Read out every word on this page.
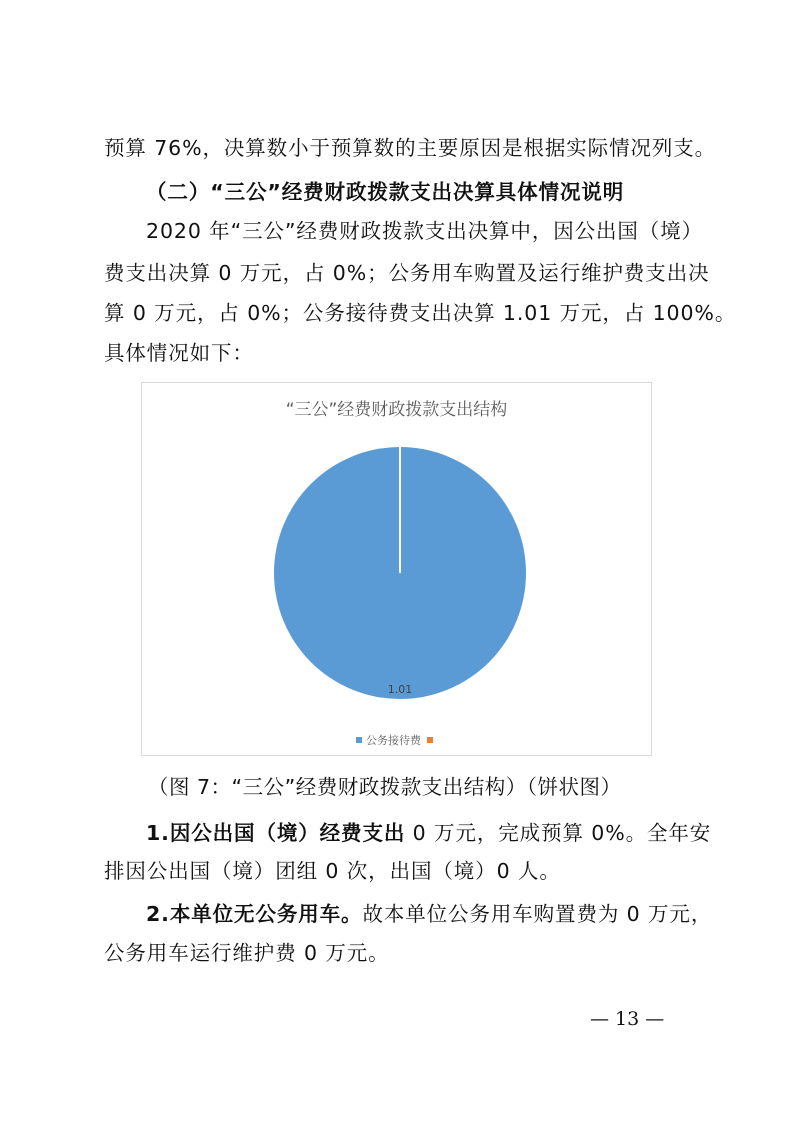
预算 76%，决算数小于预算数的主要原因是根据实际情况列支。
（二）“三公”经费财政拨款支出决算具体情况说明
2020 年“三公”经费财政拨款支出决算中，因公出国（境）
费支出决算 0 万元，占 0%；公务用车购置及运行维护费支出决
算 0 万元，占 0%；公务接待费支出决算 1.01 万元，占 100%。
具体情况如下：
“三公”经费财政拨款支出结构
1.01
公务接待费
（图 7：“三公”经费财政拨款支出结构）（饼状图）
1.因公出国（境）经费支出 0 万元，完成预算 0%。全年安
排因公出国（境）团组 0 次，出国（境）0 人。
2.本单位无公务用车。故本单位公务用车购置费为 0 万元，
公务用车运行维护费 0 万元。
— 13 —
